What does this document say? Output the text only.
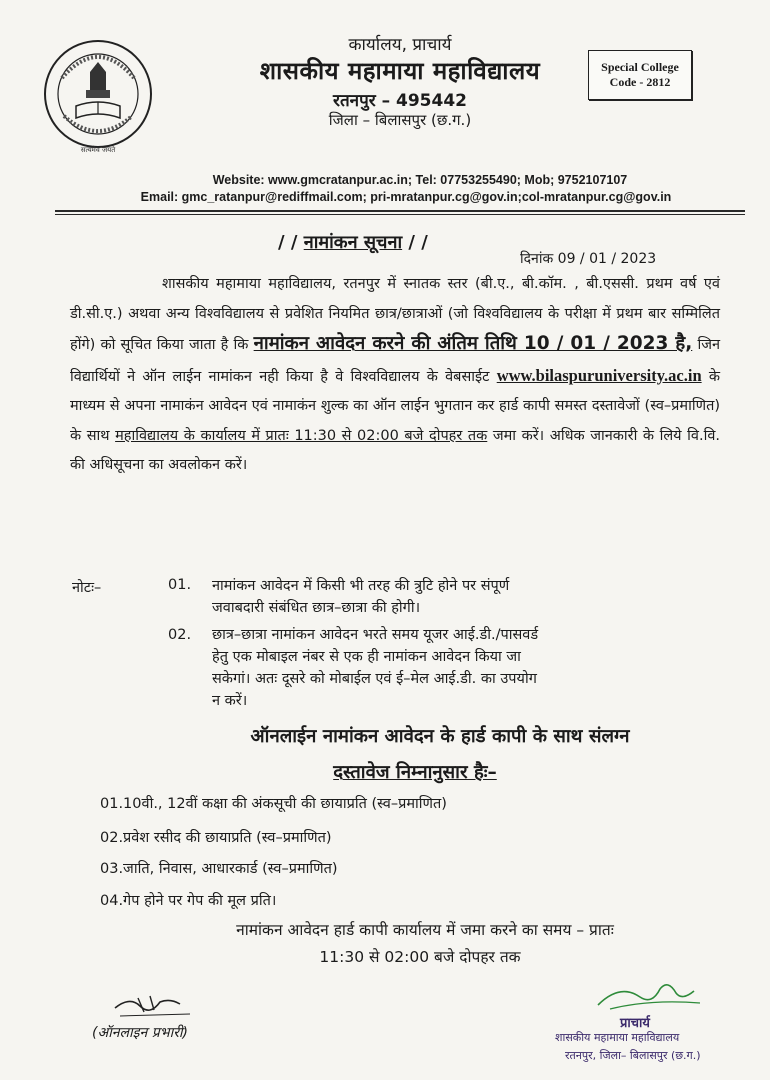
सत्यमेव जयते
कार्यालय, प्राचार्य
शासकीय महामाया महाविद्यालय
रतनपुर – 495442
जिला – बिलासपुर (छ.ग.)
Special College
Code - 2812
Website: www.gmcratanpur.ac.in; Tel: 07753255490; Mob; 9752107107
Email: gmc_ratanpur@rediffmail.com; pri-mratanpur.cg@gov.in;col-mratanpur.cg@gov.in
/ / नामांकन सूचना / /
दिनांक 09 / 01 / 2023
शासकीय महामाया महाविद्यालय, रतनपुर में स्नातक स्तर (बी.ए., बी.कॉम. , बी.एससी. प्रथम वर्ष एवं डी.सी.ए.) अथवा अन्य विश्वविद्यालय से प्रवेशित नियमित छात्र/छात्राओं (जो विश्वविद्यालय के परीक्षा में प्रथम बार सम्मिलित होंगे) को सूचित किया जाता है कि नामांकन आवेदन करने की अंतिम तिथि 10 / 01 / 2023 है, जिन विद्यार्थियों ने ऑन लाईन नामांकन नही किया है वे विश्वविद्यालय के वेबसाईट www.bilaspuruniversity.ac.in के माध्यम से अपना नामाकंन आवेदन एवं नामाकंन शुल्क का ऑन लाईन भुगतान कर हार्ड कापी समस्त दस्तावेजों (स्व–प्रमाणित) के साथ महाविद्यालय के कार्यालय में प्रातः 11:30 से 02:00 बजे दोपहर तक जमा करें। अधिक जानकारी के लिये वि.वि. की अधिसूचना का अवलोकन करें।
नोटः–	01. नामांकन आवेदन में किसी भी तरह की त्रुटि होने पर संपूर्ण
जवाबदारी संबंधित छात्र–छात्रा की होगी।
02. छात्र–छात्रा नामांकन आवेदन भरते समय यूजर आई.डी./पासवर्ड
हेतु एक मोबाइल नंबर से एक ही नामांकन आवेदन किया जा
सकेगां। अतः दूसरे को मोबाईल एवं ई–मेल आई.डी. का उपयोग
न करें।
ऑनलाईन नामांकन आवेदन के हार्ड कापी के साथ संलग्न
दस्तावेज निम्नानुसार हैः–
01.10वी., 12वीं कक्षा की अंकसूची की छायाप्रति (स्व–प्रमाणित)
02.प्रवेश रसीद की छायाप्रति (स्व–प्रमाणित)
03.जाति, निवास, आधारकार्ड (स्व–प्रमाणित)
04.गेप होने पर गेप की मूल प्रति।
नामांकन आवेदन हार्ड कापी कार्यालय में जमा करने का समय – प्रातः
11:30 से 02:00 बजे दोपहर तक
(ऑनलाइन प्रभारी)
प्राचार्य
शासकीय महामाया महाविद्यालय
रतनपुर, जिला– बिलासपुर (छ.ग.)
